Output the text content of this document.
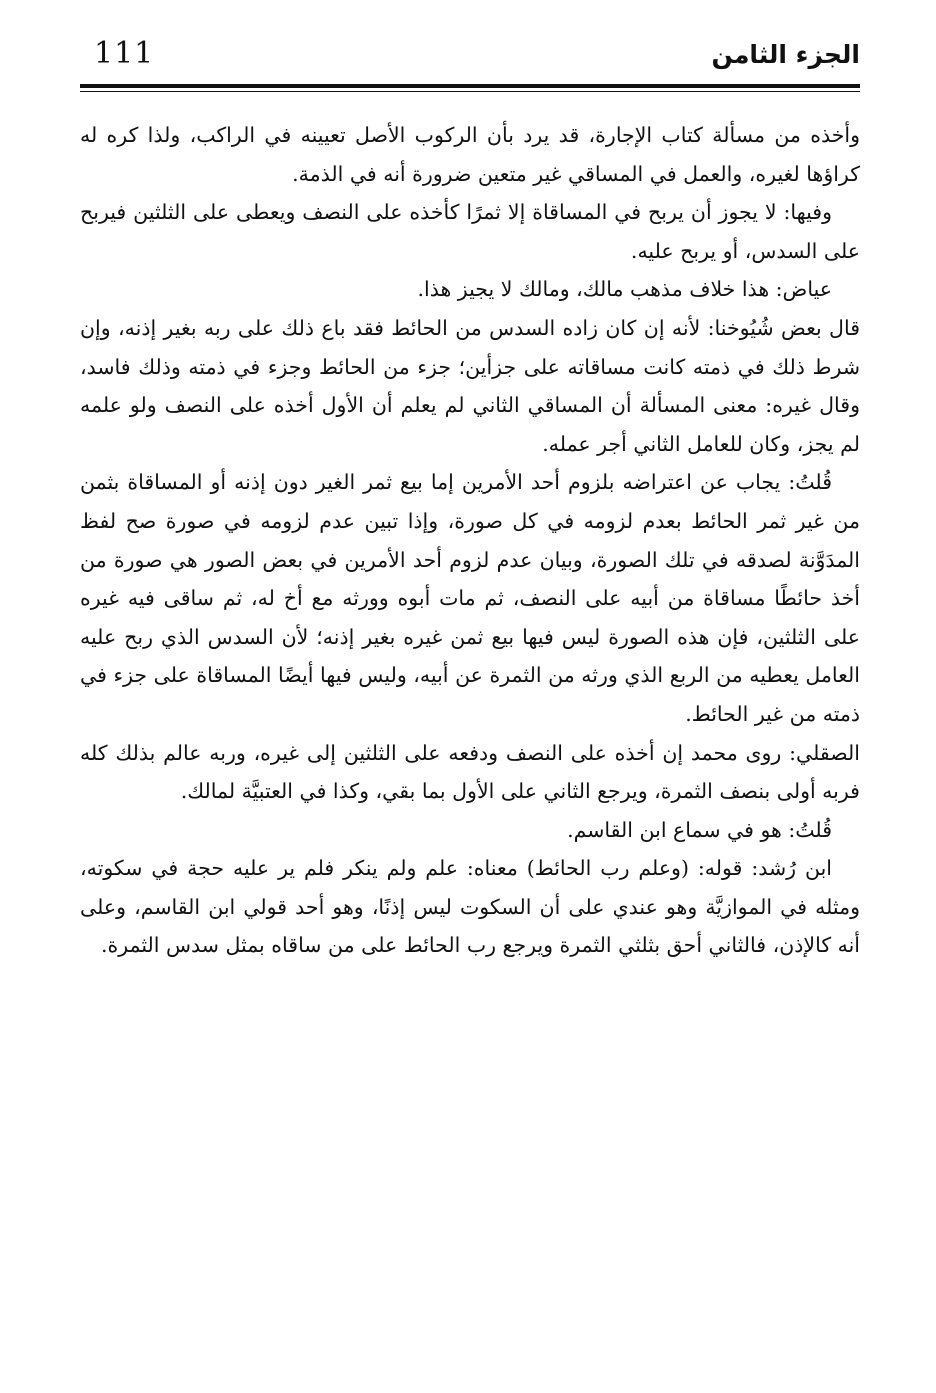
111	الجزء الثامن

وأخذه من مسألة كتاب الإجارة، قد يرد بأن الركوب الأصل تعيينه في الراكب، ولذا كره له كراؤها لغيره، والعمل في المساقي غير متعين ضرورة أنه في الذمة.

وفيها: لا يجوز أن يربح في المساقاة إلا ثمرًا كأخذه على النصف ويعطى على الثلثين فيربح على السدس، أو يربح عليه.

عياض: هذا خلاف مذهب مالك، ومالك لا يجيز هذا.

قال بعض شُيُوخنا: لأنه إن كان زاده السدس من الحائط فقد باع ذلك على ربه بغير إذنه، وإن شرط ذلك في ذمته كانت مساقاته على جزأين؛ جزء من الحائط وجزء في ذمته وذلك فاسد، وقال غيره: معنى المسألة أن المساقي الثاني لم يعلم أن الأول أخذه على النصف ولو علمه لم يجز، وكان للعامل الثاني أجر عمله.

قُلتُ: يجاب عن اعتراضه بلزوم أحد الأمرين إما بيع ثمر الغير دون إذنه أو المساقاة بثمن من غير ثمر الحائط بعدم لزومه في كل صورة، وإذا تبين عدم لزومه في صورة صح لفظ المدَوَّنة لصدقه في تلك الصورة، وبيان عدم لزوم أحد الأمرين في بعض الصور هي صورة من أخذ حائطًا مساقاة من أبيه على النصف، ثم مات أبوه وورثه مع أخ له، ثم ساقى فيه غيره على الثلثين، فإن هذه الصورة ليس فيها بيع ثمن غيره بغير إذنه؛ لأن السدس الذي ربح عليه العامل يعطيه من الربع الذي ورثه من الثمرة عن أبيه، وليس فيها أيضًا المساقاة على جزء في ذمته من غير الحائط.

الصقلي: روى محمد إن أخذه على النصف ودفعه على الثلثين إلى غيره، وربه عالم بذلك كله فربه أولى بنصف الثمرة، ويرجع الثاني على الأول بما بقي، وكذا في العتبيَّة لمالك.

قُلتُ: هو في سماع ابن القاسم.

ابن رُشد: قوله: (وعلم رب الحائط) معناه: علم ولم ينكر فلم ير عليه حجة في سكوته، ومثله في الموازيَّة وهو عندي على أن السكوت ليس إذنًا، وهو أحد قولي ابن القاسم، وعلى أنه كالإذن، فالثاني أحق بثلثي الثمرة ويرجع رب الحائط على من ساقاه بمثل سدس الثمرة.
